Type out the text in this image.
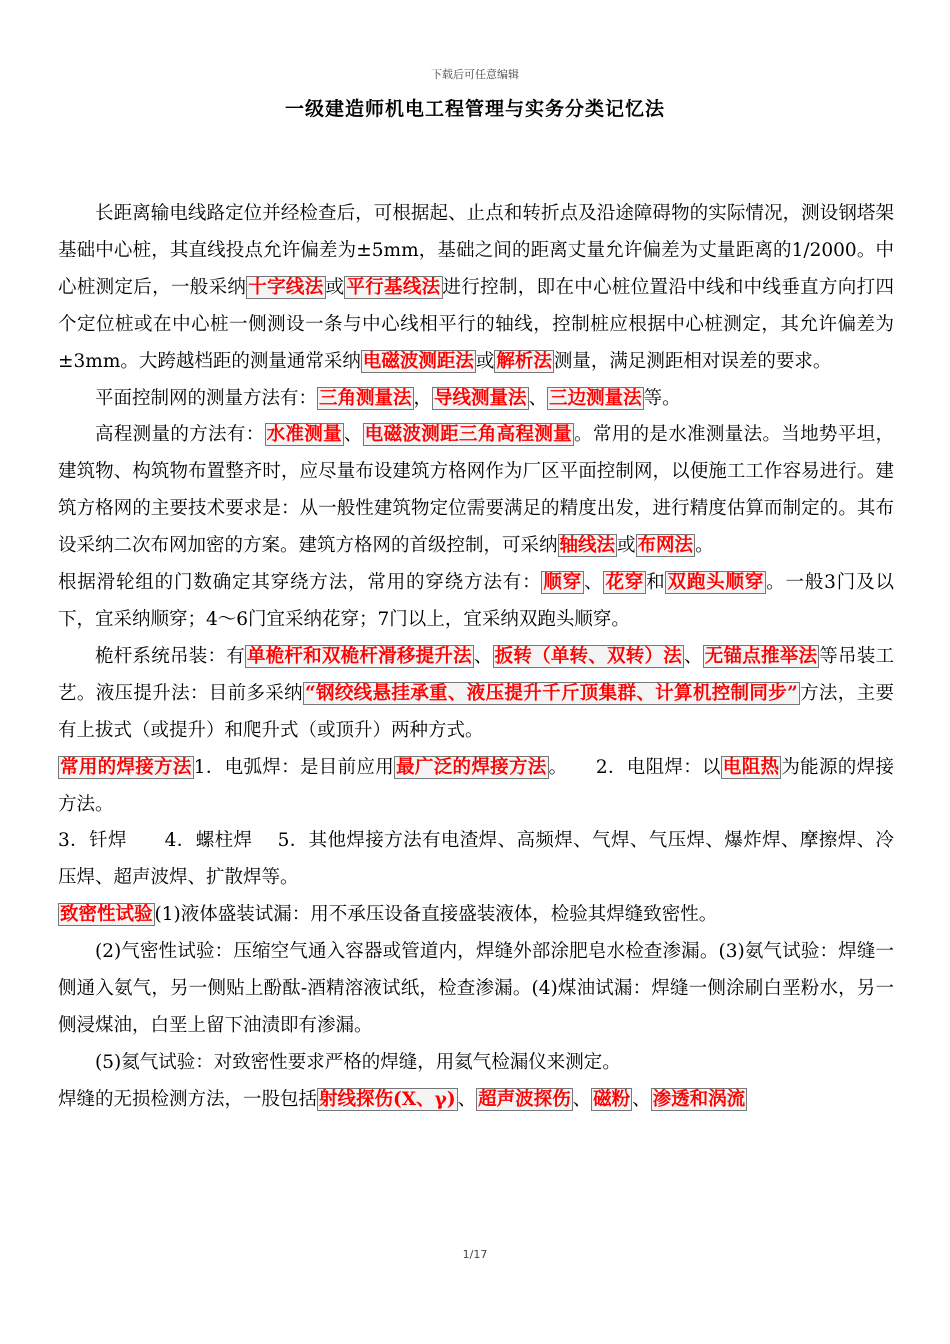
下载后可任意编辑
一级建造师机电工程管理与实务分类记忆法

长距离输电线路定位并经检查后，可根据起、止点和转折点及沿途障碍物的实际情况，测设钢塔架基础中心桩，其直线投点允许偏差为±5mm，基础之间的距离丈量允许偏差为丈量距离的1/2000。中心桩测定后，一般采纳 十字线法 或 平行基线法 进行控制，即在中心桩位置沿中线和中线垂直方向打四个定位桩或在中心桩一侧测设一条与中心线相平行的轴线，控制桩应根据中心桩测定，其允许偏差为±3mm。大跨越档距的测量通常采纳 电磁波测距法 或 解析法 测量，满足测距相对误差的要求。

平面控制网的测量方法有： 三角测量法 ， 导线测量法 、 三边测量法 等。

高程测量的方法有： 水准测量 、 电磁波测距三角高程测量 。常用的是水准测量法。当地势平坦，建筑物、构筑物布置整齐时，应尽量布设建筑方格网作为厂区平面控制网，以便施工工作容易进行。建筑方格网的主要技术要求是：从一般性建筑物定位需要满足的精度出发，进行精度估算而制定的。其布设采纳二次布网加密的方案。建筑方格网的首级控制，可采纳 轴线法 或 布网法 。

根据滑轮组的门数确定其穿绕方法，常用的穿绕方法有： 顺穿 、 花穿 和 双跑头顺穿 。一般3门及以下，宜采纳顺穿；4～6门宜采纳花穿；7门以上，宜采纳双跑头顺穿。

桅杆系统吊装：有 单桅杆和双桅杆滑移提升法 、 扳转（单转、双转）法 、 无锚点推举法 等吊装工艺。液压提升法：目前多采纳 “钢绞线悬挂承重、液压提升千斤顶集群、计算机控制同步” 方法，主要有上拔式（或提升）和爬升式（或顶升）两种方式。

常用的焊接方法 1．电弧焊：是目前应用 最广泛的焊接方法 。　　2．电阻焊：以 电阻热 为能源的焊接方法。

3．钎焊　　4．螺柱焊　 5．其他焊接方法有电渣焊、高频焊、气焊、气压焊、爆炸焊、摩擦焊、冷压焊、超声波焊、扩散焊等。

致密性试验 (1)液体盛装试漏：用不承压设备直接盛装液体，检验其焊缝致密性。

(2)气密性试验：压缩空气通入容器或管道内，焊缝外部涂肥皂水检查渗漏。(3)氨气试验：焊缝一侧通入氨气，另一侧贴上酚酞-酒精溶液试纸，检查渗漏。(4)煤油试漏：焊缝一侧涂刷白垩粉水，另一侧浸煤油，白垩上留下油渍即有渗漏。

(5)氦气试验：对致密性要求严格的焊缝，用氦气检漏仪来测定。

焊缝的无损检测方法，一股包括 射线探伤(X、γ) 、 超声波探伤 、 磁粉 、 渗透和涡流

1/17
